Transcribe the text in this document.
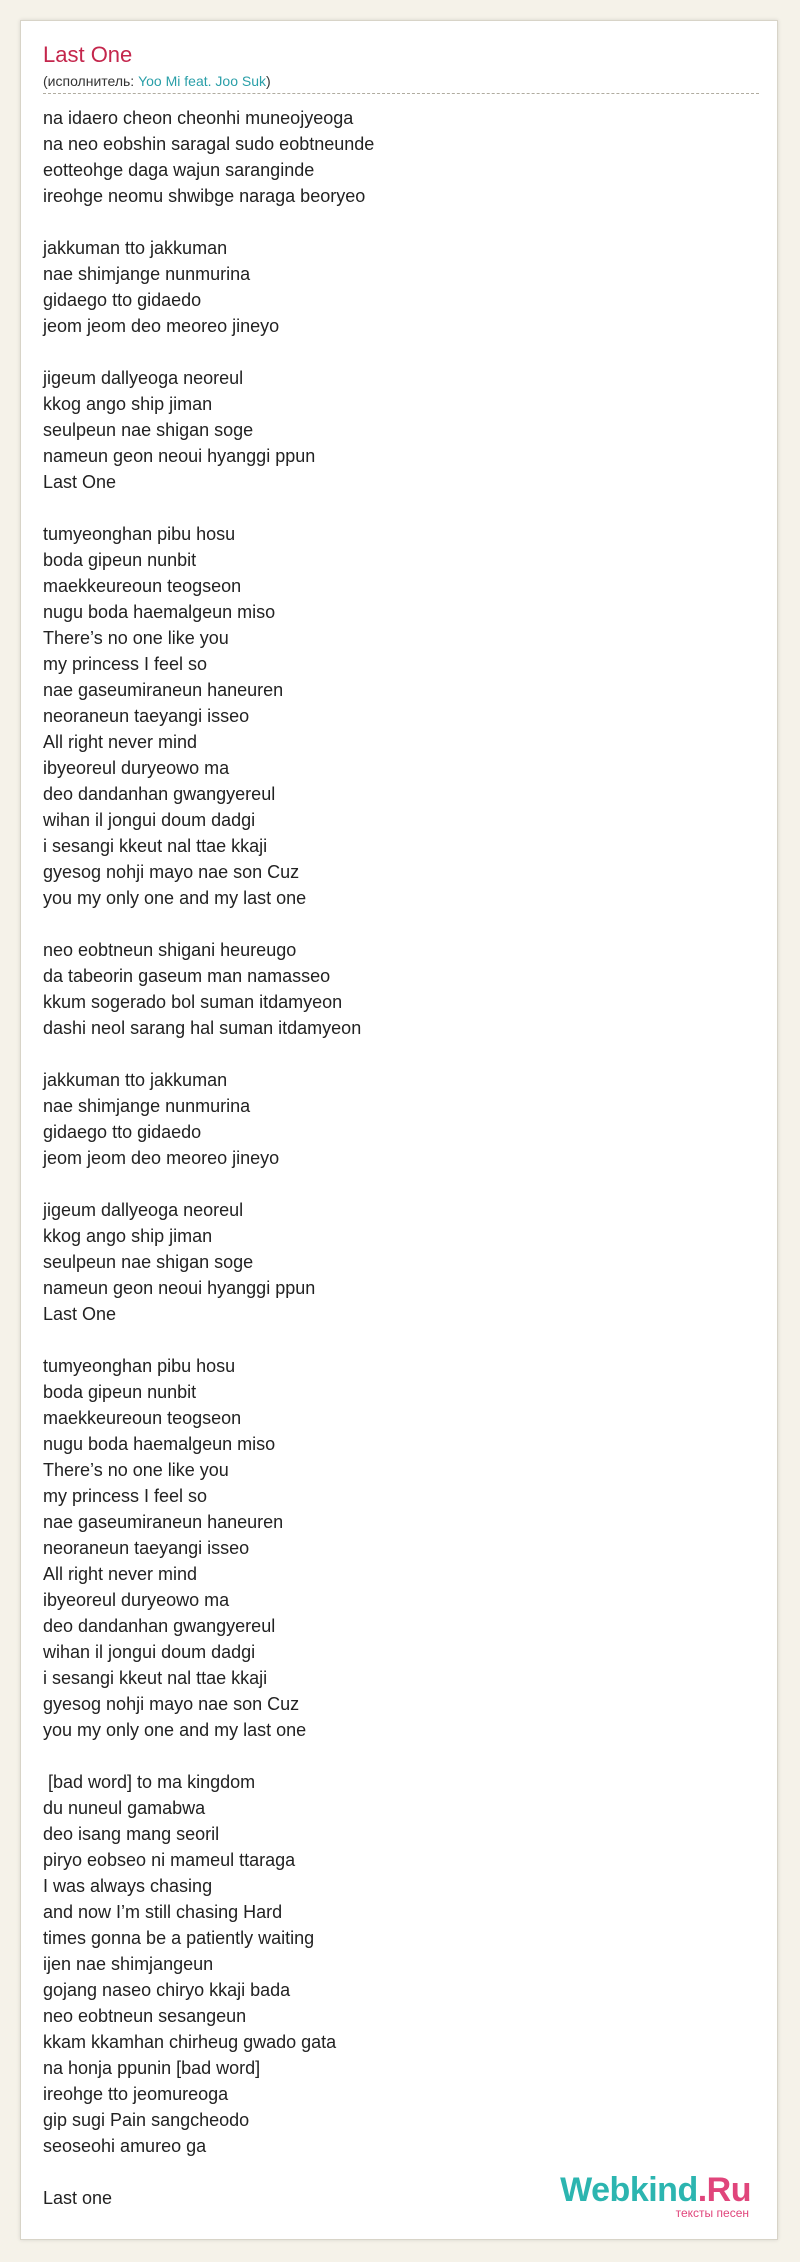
Last One
(исполнитель: Yoo Mi feat. Joo Suk)
na idaero cheon cheonhi muneojyeoga
na neo eobshin saragal sudo eobtneunde
eotteohge daga wajun saranginde
ireohge neomu shwibge naraga beoryeo
jakkuman tto jakkuman
nae shimjange nunmurina
gidaego tto gidaedo
jeom jeom deo meoreo jineyo
jigeum dallyeoga neoreul
kkog ango ship jiman
seulpeun nae shigan soge
nameun geon neoui hyanggi ppun
Last One
tumyeonghan pibu hosu
boda gipeun nunbit
maekkeureoun teogseon
nugu boda haemalgeun miso
There’s no one like you
my princess I feel so
nae gaseumiraneun haneuren
neoraneun taeyangi isseo
All right never mind
ibyeoreul duryeowo ma
deo dandanhan gwangyereul
wihan il jongui doum dadgi
i sesangi kkeut nal ttae kkaji
gyesog nohji mayo nae son Cuz
you my only one and my last one
neo eobtneun shigani heureugo
da tabeorin gaseum man namasseo
kkum sogerado bol suman itdamyeon
dashi neol sarang hal suman itdamyeon
jakkuman tto jakkuman
nae shimjange nunmurina
gidaego tto gidaedo
jeom jeom deo meoreo jineyo
jigeum dallyeoga neoreul
kkog ango ship jiman
seulpeun nae shigan soge
nameun geon neoui hyanggi ppun
Last One
tumyeonghan pibu hosu
boda gipeun nunbit
maekkeureoun teogseon
nugu boda haemalgeun miso
There’s no one like you
my princess I feel so
nae gaseumiraneun haneuren
neoraneun taeyangi isseo
All right never mind
ibyeoreul duryeowo ma
deo dandanhan gwangyereul
wihan il jongui doum dadgi
i sesangi kkeut nal ttae kkaji
gyesog nohji mayo nae son Cuz
you my only one and my last one
[bad word] to ma kingdom
du nuneul gamabwa
deo isang mang seoril
piryo eobseo ni mameul ttaraga
I was always chasing
and now I’m still chasing Hard
times gonna be a patiently waiting
ijen nae shimjangeun
gojang naseo chiryo kkaji bada
neo eobtneun sesangeun
kkam kkamhan chirheug gwado gata
na honja ppunin [bad word]
ireohge tto jeomureoga
gip sugi Pain sangcheodo
seoseohi amureo ga
Last one	Webkind.Ru
тексты песен
